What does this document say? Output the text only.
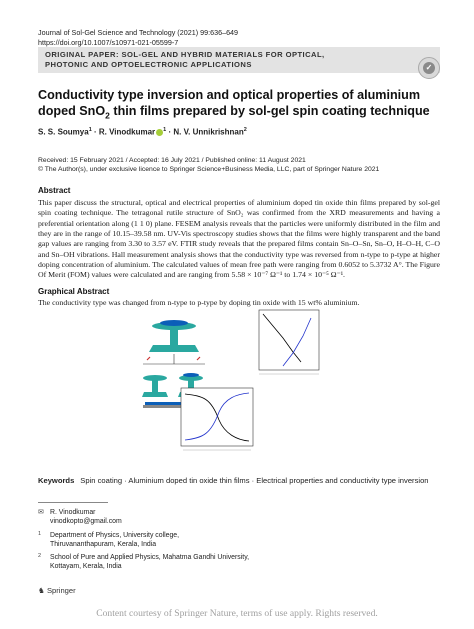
Journal of Sol-Gel Science and Technology (2021) 99:636–649
https://doi.org/10.1007/s10971-021-05599-7
ORIGINAL PAPER: SOL-GEL AND HYBRID MATERIALS FOR OPTICAL,
PHOTONIC AND OPTOELECTRONIC APPLICATIONS	✓
Conductivity type inversion and optical properties of aluminium
doped SnO$_2$ thin films prepared by sol-gel spin coating technique
S. S. Soumya$^1$ · R. Vinodkumar $^1$ · N. V. Unnikrishnan$^2$
Received: 15 February 2021 / Accepted: 16 July 2021 / Published online: 11 August 2021
© The Author(s), under exclusive licence to Springer Science+Business Media, LLC, part of Springer Nature 2021
Abstract
This paper discuss the structural, optical and electrical properties of aluminium doped tin oxide thin films prepared by sol-gel spin coating technique. The tetragonal rutile structure of SnO₂ was confirmed from the XRD measurements and having a preferential orientation along (1 1 0) plane. FESEM analysis reveals that the particles were uniformly distributed in the film and they are in the range of 10.15–39.58 nm. UV-Vis spectroscopy studies shows that the films were highly transparent and the band gap values are ranging from 3.30 to 3.57 eV. FTIR study reveals that the prepared films contain Sn–O–Sn, Sn–O, H–O–H, C–O and Sn–OH vibrations. Hall measurement analysis shows that the conductivity type was reversed from n-type to p-type at higher doping concentration of aluminium. The calculated values of mean free path were ranging from 0.6052 to 5.3732 A°. The Figure Of Merit (FOM) values were calculated and are ranging from 5.58 × 10⁻⁷ Ω⁻¹ to 1.74 × 10⁻⁵ Ω⁻¹.
Graphical Abstract
The conductivity type was changed from n-type to p-type by doping tin oxide with 15 wt% aluminium.
Keywords Spin coating · Aluminium doped tin oxide thin films · Electrical properties and conductivity type inversion
✉ R. Vinodkumar
vinodkopto@gmail.com
1 Department of Physics, University college,
Thiruvananthapuram, Kerala, India
2 School of Pure and Applied Physics, Mahatma Gandhi University,
Kottayam, Kerala, India
♞ Springer
Content courtesy of Springer Nature, terms of use apply. Rights reserved.
